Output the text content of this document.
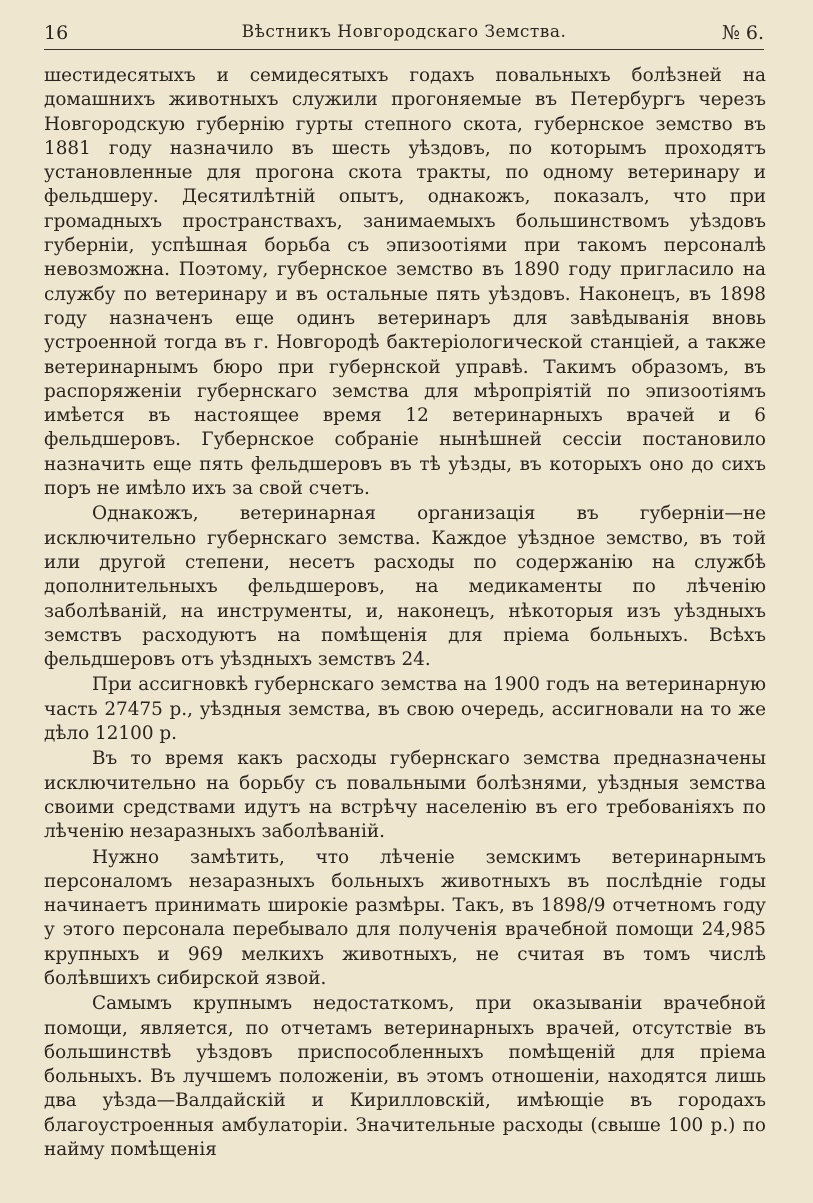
16	Вѣстникъ Новгородскаго Земства.	№ 6.

шестидесятыхъ и семидесятыхъ годахъ повальныхъ болѣзней на домашнихъ животныхъ служили прогоняемые въ Петербургъ черезъ Новгородскую губернію гурты степного скота, губернское земство въ 1881 году назначило въ шесть уѣздовъ, по которымъ проходятъ установленные для прогона скота тракты, по одному ветеринару и фельдшеру. Десятилѣтній опытъ, однакожъ, показалъ, что при громадныхъ пространствахъ, занимаемыхъ большинствомъ уѣздовъ губерніи, успѣшная борьба съ эпизоотіями при такомъ персоналѣ невозможна. Поэтому, губернское земство въ 1890 году пригласило на службу по ветеринару и въ остальные пять уѣздовъ. Наконецъ, въ 1898 году назначенъ еще одинъ ветеринаръ для завѣдыванія вновь устроенной тогда въ г. Новгородѣ бактеріологической станціей, а также ветеринарнымъ бюро при губернской управѣ. Такимъ образомъ, въ распоряженіи губернскаго земства для мѣропріятій по эпизоотіямъ имѣется въ настоящее время 12 ветеринарныхъ врачей и 6 фельдшеровъ. Губернское собраніе нынѣшней сессіи постановило назначить еще пять фельдшеровъ въ тѣ уѣзды, въ которыхъ оно до сихъ поръ не имѣло ихъ за свой счетъ.

Однакожъ, ветеринарная организація въ губерніи—не исключительно губернскаго земства. Каждое уѣздное земство, въ той или другой степени, несетъ расходы по содержанію на службѣ дополнительныхъ фельдшеровъ, на медикаменты по лѣченію заболѣваній, на инструменты, и, наконецъ, нѣкоторыя изъ уѣздныхъ земствъ расходуютъ на помѣщенія для пріема больныхъ. Всѣхъ фельдшеровъ отъ уѣздныхъ земствъ 24.

При ассигновкѣ губернскаго земства на 1900 годъ на ветеринарную часть 27475 р., уѣздныя земства, въ свою очередь, ассигновали на то же дѣло 12100 р.

Въ то время какъ расходы губернскаго земства предназначены исключительно на борьбу съ повальными болѣзнями, уѣздныя земства своими средствами идутъ на встрѣчу населенію въ его требованіяхъ по лѣченію незаразныхъ заболѣваній.

Нужно замѣтить, что лѣченіе земскимъ ветеринарнымъ персоналомъ незаразныхъ больныхъ животныхъ въ послѣдніе годы начинаетъ принимать широкіе размѣры. Такъ, въ 1898/9 отчетномъ году у этого персонала перебывало для полученія врачебной помощи 24,985 крупныхъ и 969 мелкихъ животныхъ, не считая въ томъ числѣ болѣвшихъ сибирской язвой.

Самымъ крупнымъ недостаткомъ, при оказываніи врачебной помощи, является, по отчетамъ ветеринарныхъ врачей, отсутствіе въ большинствѣ уѣздовъ приспособленныхъ помѣщеній для пріема больныхъ. Въ лучшемъ положеніи, въ этомъ отношеніи, находятся лишь два уѣзда—Валдайскій и Кирилловскій, имѣющіе въ городахъ благоустроенныя амбулаторіи. Значительные расходы (свыше 100 р.) по найму помѣщенія
